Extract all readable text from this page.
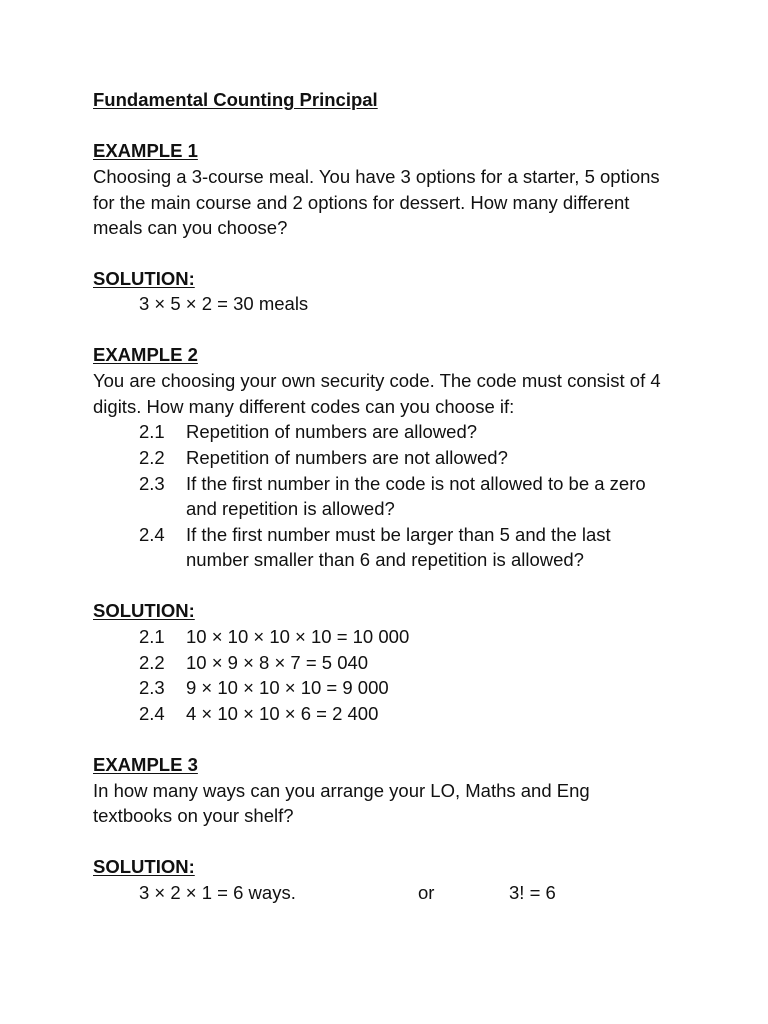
Fundamental Counting Principal
EXAMPLE 1
Choosing a 3-course meal. You have 3 options for a starter, 5 options
for the main course and 2 options for dessert. How many different
meals can you choose?
SOLUTION:
3 × 5 × 2 = 30 meals
EXAMPLE 2
You are choosing your own security code. The code must consist of 4
digits. How many different codes can you choose if:
2.1 Repetition of numbers are allowed?
2.2 Repetition of numbers are not allowed?
2.3 If the first number in the code is not allowed to be a zero
and repetition is allowed?
2.4 If the first number must be larger than 5 and the last
number smaller than 6 and repetition is allowed?
SOLUTION:
2.1 10 × 10 × 10 × 10 = 10 000
2.2 10 × 9 × 8 × 7 = 5 040
2.3 9 × 10 × 10 × 10 = 9 000
2.4 4 × 10 × 10 × 6 = 2 400
EXAMPLE 3
In how many ways can you arrange your LO, Maths and Eng
textbooks on your shelf?
SOLUTION:
3 × 2 × 1 = 6 ways.	or	3! = 6
